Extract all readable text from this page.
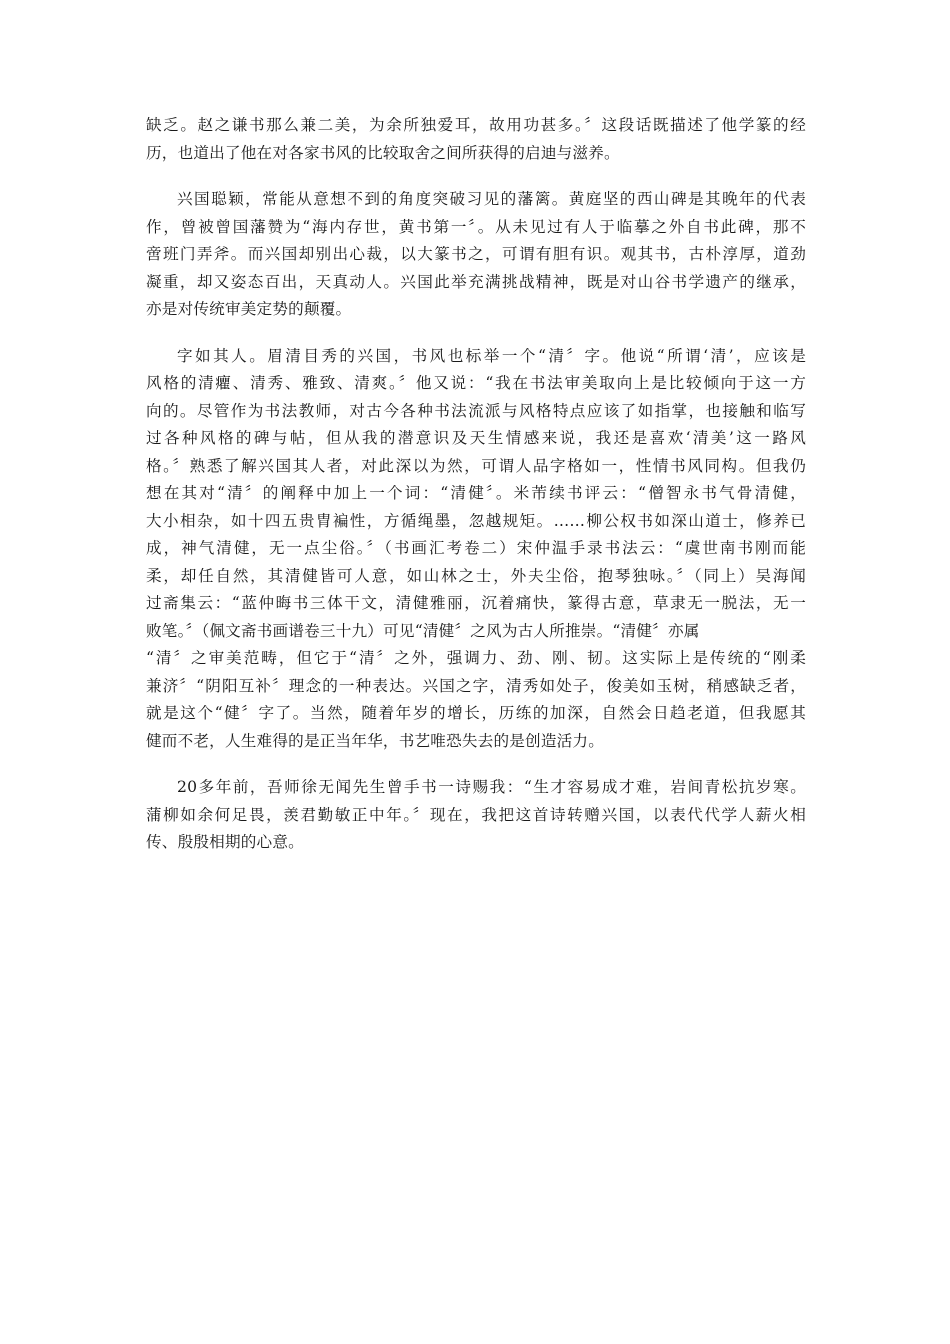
缺乏。赵之谦书那么兼二美，为余所独爱耳，故用功甚多。〞这段话既描述了他学篆的经
历，也道出了他在对各家书风的比较取舍之间所获得的启迪与滋养。
兴国聪颖，常能从意想不到的角度突破习见的藩篱。黄庭坚的西山碑是其晚年的代表
作，曾被曾国藩赞为“海内存世，黄书第一〞。从未见过有人于临摹之外自书此碑，那不
啻班门弄斧。而兴国却别出心裁，以大篆书之，可谓有胆有识。观其书，古朴淳厚，道劲
凝重，却又姿态百出，天真动人。兴国此举充满挑战精神，既是对山谷书学遗产的继承，
亦是对传统审美定势的颠覆。
字如其人。眉清目秀的兴国，书风也标举一个“清〞字。他说“所谓‘清’，应该是
风格的清癯、清秀、雅致、清爽。〞他又说：“我在书法审美取向上是比较倾向于这一方
向的。尽管作为书法教师，对古今各种书法流派与风格特点应该了如指掌，也接触和临写
过各种风格的碑与帖，但从我的潜意识及天生情感来说，我还是喜欢‘清美’这一路风
格。〞熟悉了解兴国其人者，对此深以为然，可谓人品字格如一，性情书风同构。但我仍
想在其对“清〞的阐释中加上一个词：“清健〞。米芾续书评云：“僧智永书气骨清健，
大小相杂，如十四五贵胄褊性，方循绳墨，忽越规矩。……柳公权书如深山道士，修养已
成，神气清健，无一点尘俗。〞（书画汇考卷二）宋仲温手录书法云：“虞世南书刚而能
柔，却任自然，其清健皆可人意，如山林之士，外夫尘俗，抱琴独咏。〞（同上）吴海闻
过斋集云：“蓝仲晦书三体干文，清健雅丽，沉着痛快，篆得古意，草隶无一脱法，无一
败笔。〞（佩文斋书画谱卷三十九）可见“清健〞之风为古人所推崇。“清健〞亦属
“清〞之审美范畴，但它于“清〞之外，强调力、劲、刚、韧。这实际上是传统的“刚柔
兼济〞“阴阳互补〞理念的一种表达。兴国之字，清秀如处子，俊美如玉树，稍感缺乏者，
就是这个“健〞字了。当然，随着年岁的增长，历练的加深，自然会日趋老道，但我愿其
健而不老，人生难得的是正当年华，书艺唯恐失去的是创造活力。
20多年前，吾师徐无闻先生曾手书一诗赐我：“生才容易成才难，岩间青松抗岁寒。
蒲柳如余何足畏，羡君勤敏正中年。〞现在，我把这首诗转赠兴国，以表代代学人薪火相
传、殷殷相期的心意。
